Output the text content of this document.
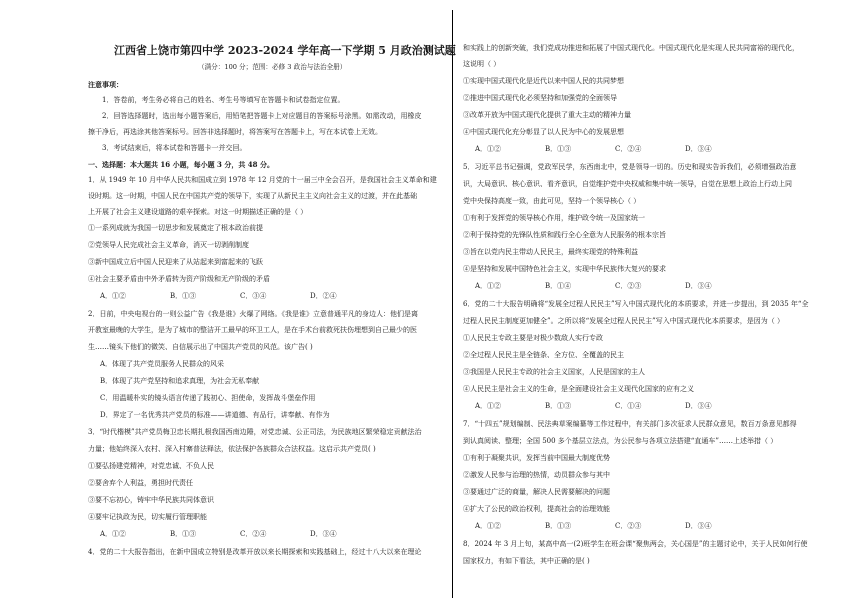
江西省上饶市第四中学 2023-2024 学年高一下学期 5 月政治测试题
（满分：100 分；范围：必修 3 政治与法治全册）
注意事项：
1．答卷前，考生务必将自己的姓名、考生号等填写在答题卡和试卷指定位置。
2．回答选择题时，选出每小题答案后，用铅笔把答题卡上对应题目的答案标号涂黑。如需改动，用橡皮
擦干净后，再选涂其他答案标号。回答非选择题时，将答案写在答题卡上，写在本试卷上无效。
3．考试结束后，将本试卷和答题卡一并交回。
一、选择题：本大题共 16 小题，每小题 3 分，共 48 分。
1．从 1949 年 10 月中华人民共和国成立到 1978 年 12 月党的十一届三中全会召开，是我国社会主义革命和建
设时期。这一时期，中国人民在中国共产党的领导下，实现了从新民主主义向社会主义的过渡，并在此基础
上开展了社会主义建设道路的艰辛探索。对这一时期描述正确的是（ ）
①一系列成就为我国一切思步和发展奠定了根本政治前提
②党领导人民完成社会主义革命，消灭一切剥削制度
③新中国成立后中国人民迎来了从站起来到富起来的飞跃
④社会主要矛盾由中外矛盾转为资产阶级和无产阶级的矛盾
A．①②	B．①③	C．③④	D．②④
2．日前，中央电视台的一则公益广告《我是谁》火爆了网络。《我是谁》立意普通平凡的身边人：他们是离
开教室最晚的大学生，是为了城市的整洁开工最早的环卫工人，是在手术台前救死扶伤埋想到自己最少的医
生……镜头下他们的微笑、自信展示出了中国共产党员的风范。该广告( )
A．体现了共产党员服务人民群众的风采
B．体现了共产党坚持和追求真理，为社会无私奉献
C．用温暖朴实的镜头语言传递了践初心、担使命，发挥战斗堡垒作用
D．界定了一名优秀共产党员的标准——讲道德、有品行，讲奉献、有作为
3．“时代楷模”共产党员梅卫忠长期扎根我国西南边陲，对党忠诚、公正司法，为民族地区繁荣稳定贡献法治
力量；他始终深入农村、深入村寨普法释法，依法保护各族群众合法权益。这启示共产党员( )
①要弘扬建党精神，对党忠诚、不负人民
②要舍弃个人利益，勇担时代责任
③要不忘初心，铸牢中华民族共同体意识
④要牢记执政为民，切实履行管理职能
A．①②	B．①③	C．②④	D．③④
4．党的二十大报告指出，在新中国成立特别是改革开放以来长期探索和实践基础上，经过十八大以来在理论
和实践上的创新突破，我们党成功推进和拓展了中国式现代化。中国式现代化是实现人民共同富裕的现代化，
这说明（ ）
①实现中国式现代化是近代以来中国人民的共同梦想
②推进中国式现代化必须坚持和加强党的全面领导
③改革开放为中国式现代化提供了重大主动的精神力量
④中国式现代化充分彰显了以人民为中心的发展思想
A．①②	B．①③	C．②④	D．③④
5．习近平总书记强调，党政军民学，东西南北中，党是领导一切的。历史和现实告诉我们，必须增强政治意
识，大局意识、核心意识、看齐意识，自觉维护党中央权威和集中统一领导，自觉在思想上政治上行动上同
党中央保持高度一致，由此可见，坚持一个领导核心（ ）
①有利于发挥党的领导核心作用，维护政令统一及国家统一
②利于保持党的先锋队性质和践行全心全意为人民服务的根本宗旨
③旨在以党内民主带动人民民主，最终实现党的特殊利益
④是坚持和发展中国特色社会主义，实现中华民族伟大复兴的要求
A．①②	B．①④	C．②③	D．③④
6．党的二十大报告明确将“发展全过程人民民主”写入中国式现代化的本质要求，并进一步提出，到 2035 年“全
过程人民民主制度更加健全”。之所以将“发展全过程人民民主”写入中国式现代化本质要求，是因为（ ）
①人民民主专政主要是对极少数敌人实行专政
②全过程人民民主是全链条、全方位、全覆盖的民主
③我国是人民民主专政的社会主义国家，人民是国家的主人
④人民民主是社会主义的生命，是全面建设社会主义现代化国家的应有之义
A．①②	B．①③	C．①④	D．③④
7．“十四五”规划编制、民法典草案编纂等工作过程中，有关部门多次征求人民群众意见，数百万条意见都得
到认真阅读、整理；全国 500 多个基层立法点，为公民参与各项立法搭建“直通车”……上述举措（ ）
①有利于凝聚共识，发挥当前中国最大制度优势
②激发人民参与治理的热情，动员群众参与其中
③要通过广泛的商量，解决人民需要解决的问题
④扩大了公民的政治权利，提高社会的治理效能
A．①②	B．①③	C．②③	D．③④
8．2024 年 3 月上旬，某高中高一(2)班学生在班会课“聚焦两会，关心国是”的主题讨论中，关于人民如何行使
国家权力，有如下看法，其中正确的是( )
